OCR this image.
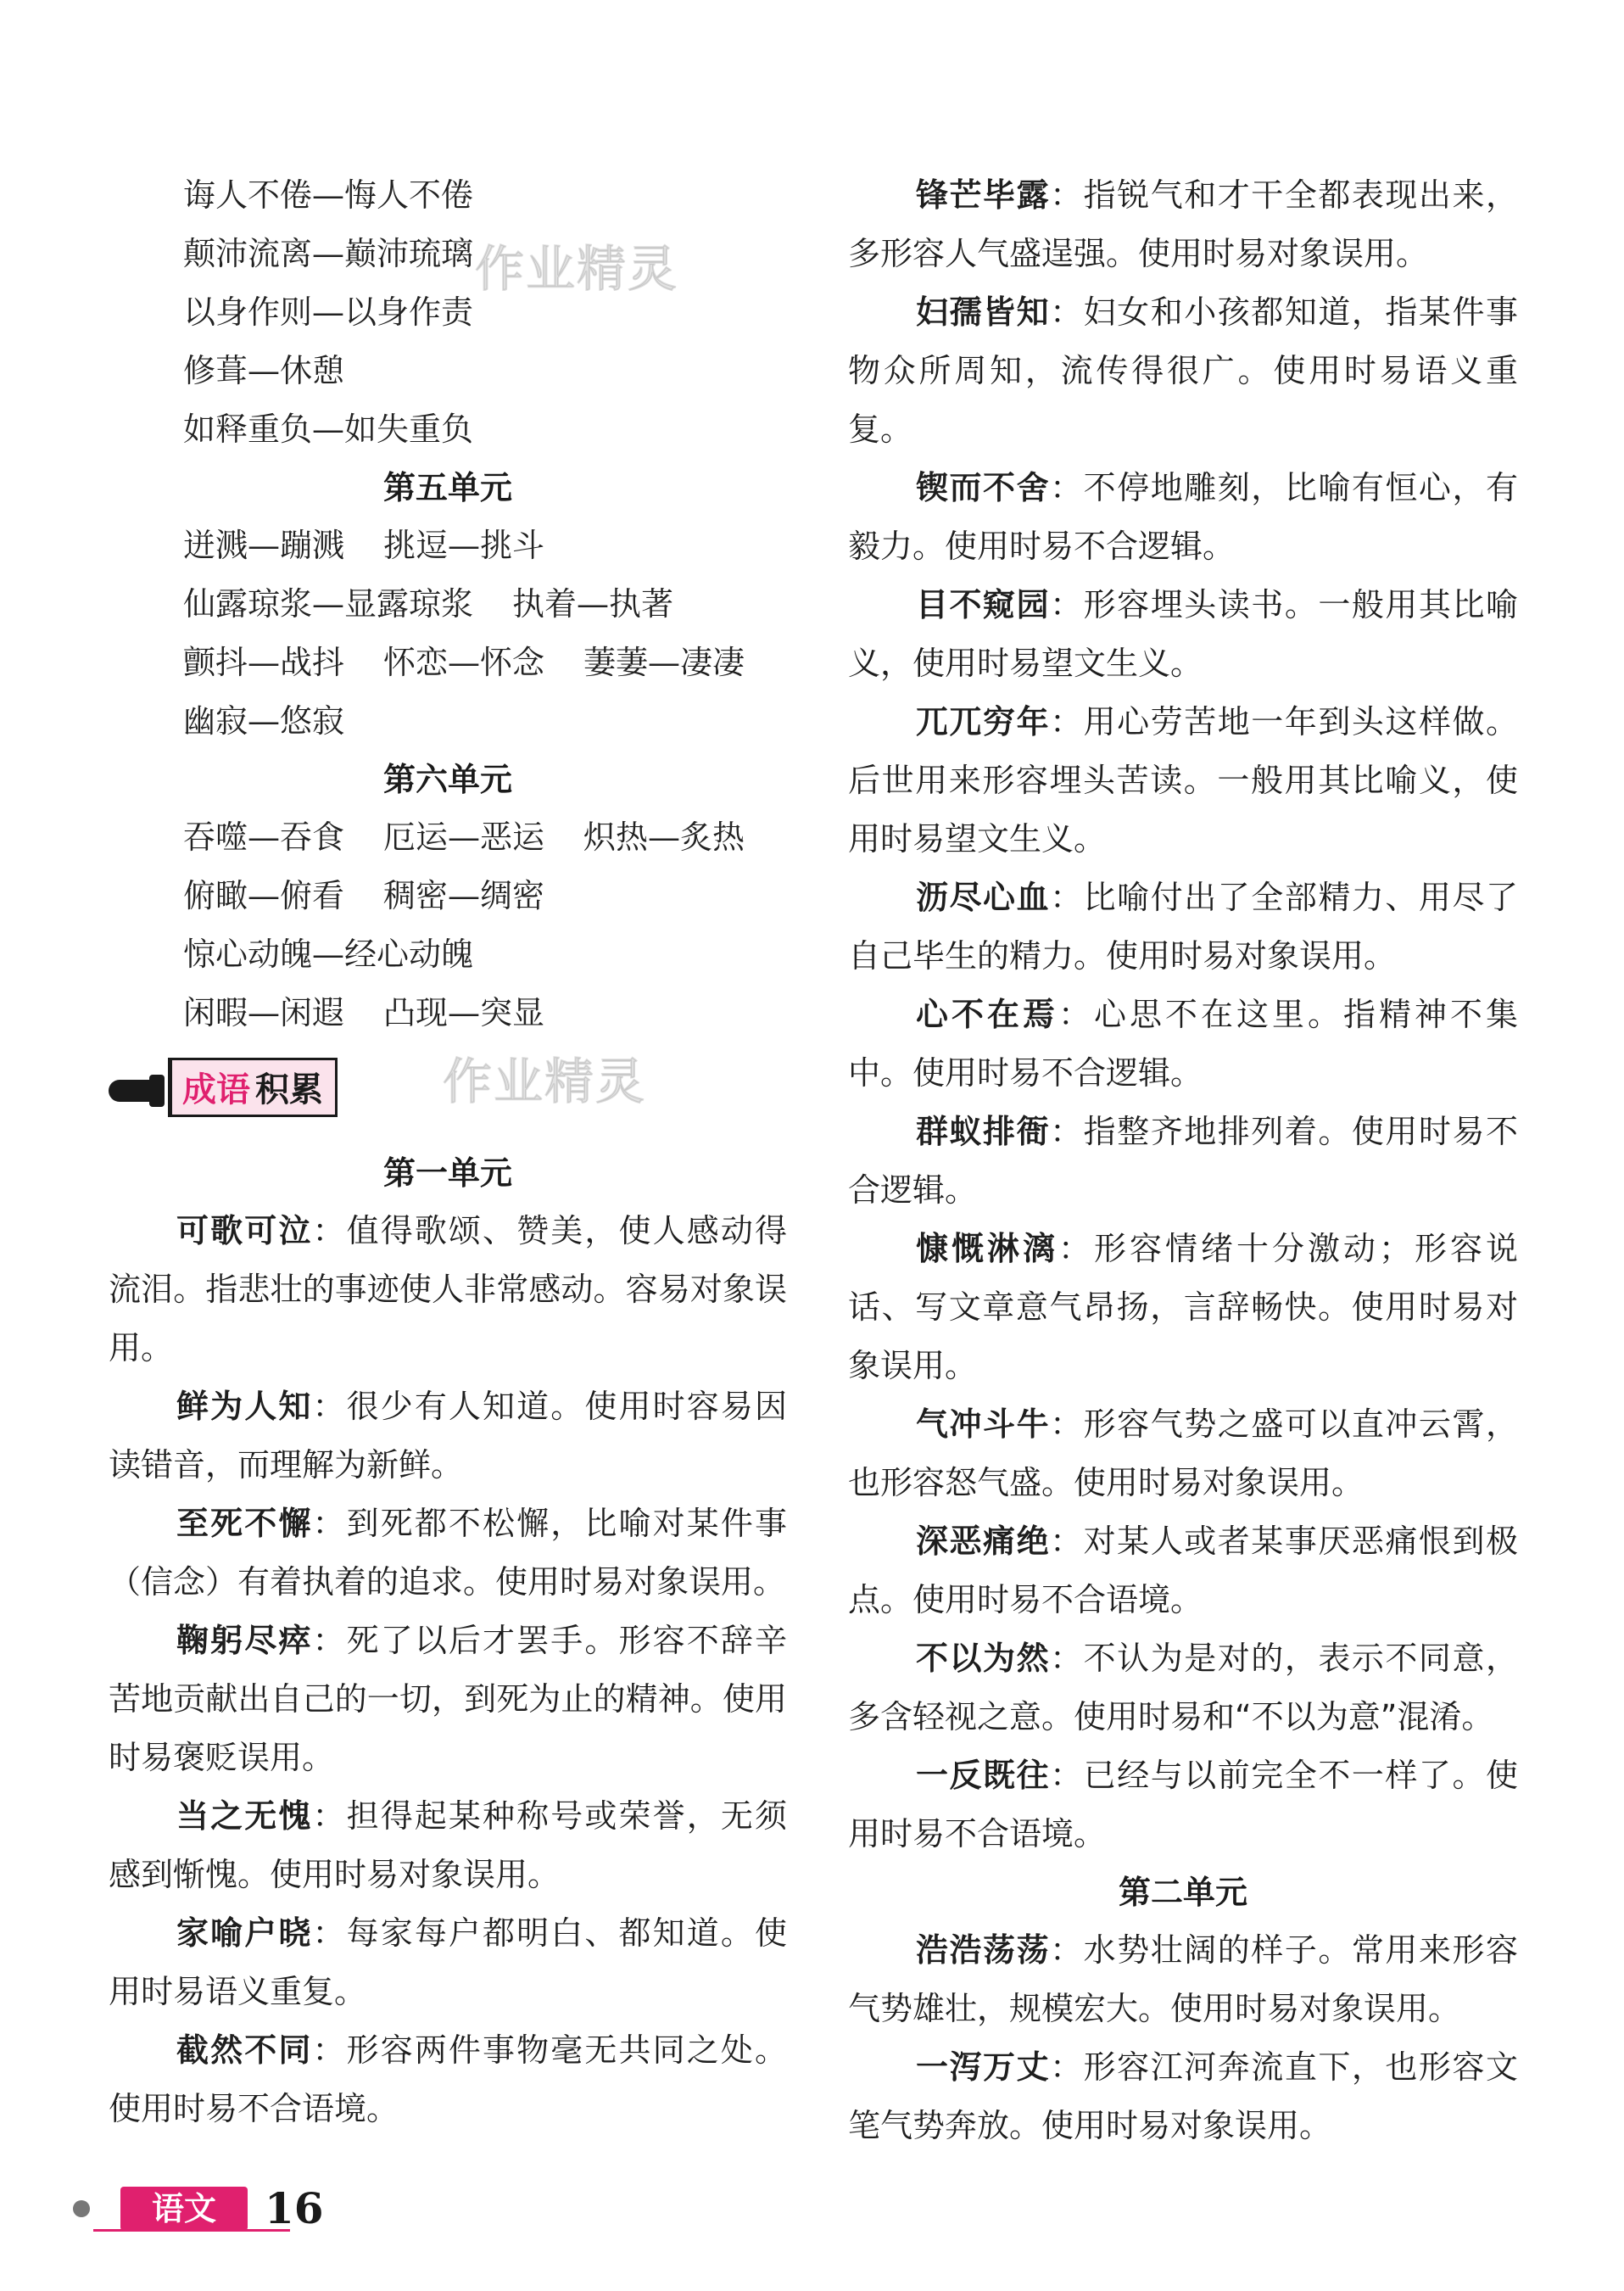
作业精灵
作业精灵
诲人不倦—悔人不倦
颠沛流离—巅沛琉璃
以身作则—以身作责
修葺—休憩
如释重负—如失重负
第五单元
迸溅—蹦溅 挑逗—挑斗
仙露琼浆—显露琼浆 执着—执著
颤抖—战抖 怀恋—怀念 萋萋—凄凄
幽寂—悠寂
第六单元
吞噬—吞食 厄运—恶运 炽热—炙热
俯瞰—俯看 稠密—绸密
惊心动魄—经心动魄
闲暇—闲遐 凸现—突显
成语 积累
第一单元
可歌可泣：值得歌颂、赞美，使人感动得流泪。指悲壮的事迹使人非常感动。容易对象误用。
鲜为人知：很少有人知道。使用时容易因读错音，而理解为新鲜。
至死不懈：到死都不松懈，比喻对某件事（信念）有着执着的追求。使用时易对象误用。
鞠躬尽瘁：死了以后才罢手。形容不辞辛苦地贡献出自己的一切，到死为止的精神。使用时易褒贬误用。
当之无愧：担得起某种称号或荣誉，无须感到惭愧。使用时易对象误用。
家喻户晓：每家每户都明白、都知道。使用时易语义重复。
截然不同：形容两件事物毫无共同之处。使用时易不合语境。
锋芒毕露：指锐气和才干全都表现出来，多形容人气盛逞强。使用时易对象误用。
妇孺皆知：妇女和小孩都知道，指某件事物众所周知，流传得很广。使用时易语义重复。
锲而不舍：不停地雕刻，比喻有恒心，有毅力。使用时易不合逻辑。
目不窥园：形容埋头读书。一般用其比喻义，使用时易望文生义。
兀兀穷年：用心劳苦地一年到头这样做。后世用来形容埋头苦读。一般用其比喻义，使用时易望文生义。
沥尽心血：比喻付出了全部精力、用尽了自己毕生的精力。使用时易对象误用。
心不在焉：心思不在这里。指精神不集中。使用时易不合逻辑。
群蚁排衙：指整齐地排列着。使用时易不合逻辑。
慷慨淋漓：形容情绪十分激动；形容说话、写文章意气昂扬，言辞畅快。使用时易对象误用。
气冲斗牛：形容气势之盛可以直冲云霄，也形容怒气盛。使用时易对象误用。
深恶痛绝：对某人或者某事厌恶痛恨到极点。使用时易不合语境。
不以为然：不认为是对的，表示不同意，多含轻视之意。使用时易和“不以为意”混淆。
一反既往：已经与以前完全不一样了。使用时易不合语境。
第二单元
浩浩荡荡：水势壮阔的样子。常用来形容气势雄壮，规模宏大。使用时易对象误用。
一泻万丈：形容江河奔流直下，也形容文笔气势奔放。使用时易对象误用。
语文	16
